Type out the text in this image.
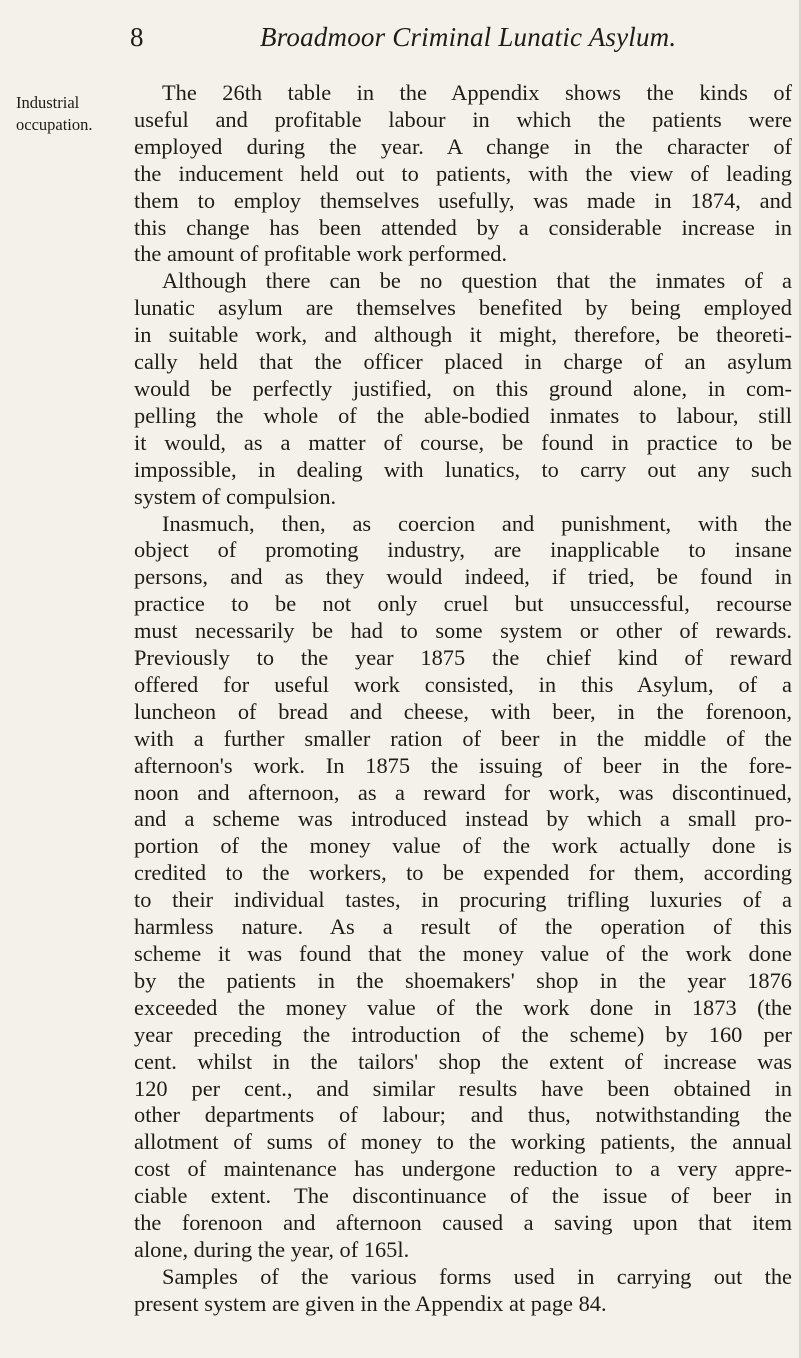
8	Broadmoor Criminal Lunatic Asylum.
Industrial
occupation.
The 26th table in the Appendix shows the kinds of
useful and profitable labour in which the patients were
employed during the year. A change in the character of
the inducement held out to patients, with the view of leading
them to employ themselves usefully, was made in 1874, and
this change has been attended by a considerable increase in
the amount of profitable work performed.
Although there can be no question that the inmates of a
lunatic asylum are themselves benefited by being employed
in suitable work, and although it might, therefore, be theoreti-
cally held that the officer placed in charge of an asylum
would be perfectly justified, on this ground alone, in com-
pelling the whole of the able-bodied inmates to labour, still
it would, as a matter of course, be found in practice to be
impossible, in dealing with lunatics, to carry out any such
system of compulsion.
Inasmuch, then, as coercion and punishment, with the
object of promoting industry, are inapplicable to insane
persons, and as they would indeed, if tried, be found in
practice to be not only cruel but unsuccessful, recourse
must necessarily be had to some system or other of rewards.
Previously to the year 1875 the chief kind of reward
offered for useful work consisted, in this Asylum, of a
luncheon of bread and cheese, with beer, in the forenoon,
with a further smaller ration of beer in the middle of the
afternoon's work. In 1875 the issuing of beer in the fore-
noon and afternoon, as a reward for work, was discontinued,
and a scheme was introduced instead by which a small pro-
portion of the money value of the work actually done is
credited to the workers, to be expended for them, according
to their individual tastes, in procuring trifling luxuries of a
harmless nature. As a result of the operation of this
scheme it was found that the money value of the work done
by the patients in the shoemakers' shop in the year 1876
exceeded the money value of the work done in 1873 (the
year preceding the introduction of the scheme) by 160 per
cent. whilst in the tailors' shop the extent of increase was
120 per cent., and similar results have been obtained in
other departments of labour; and thus, notwithstanding the
allotment of sums of money to the working patients, the annual
cost of maintenance has undergone reduction to a very appre-
ciable extent. The discontinuance of the issue of beer in
the forenoon and afternoon caused a saving upon that item
alone, during the year, of 165l.
Samples of the various forms used in carrying out the
present system are given in the Appendix at page 84.
